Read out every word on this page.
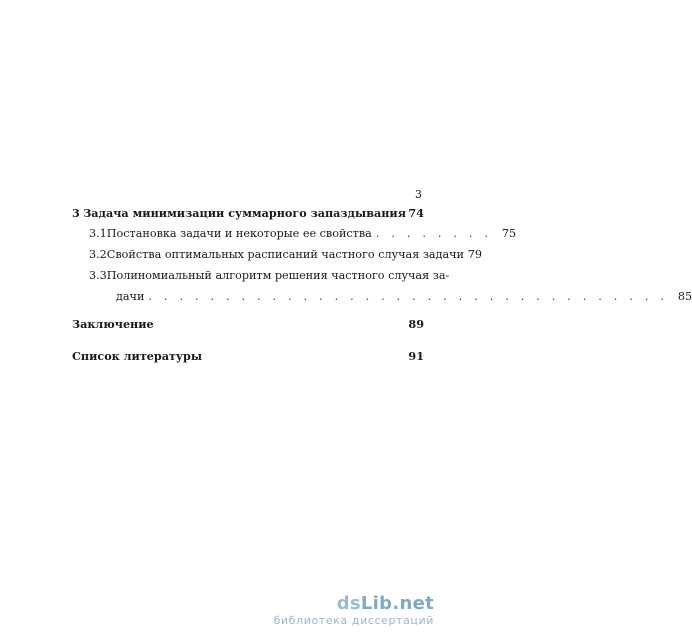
3
3 Задача минимизации суммарного запаздывания 74
3.1 Постановка задачи и некоторые ее свойства . . . . . . . . 75
3.2 Свойства оптимальных расписаний частного случая задачи 79
3.3 Полиномиальный алгоритм решения частного случая за-
дачи . . . . . . . . . . . . . . . . . . . . . . . . . . . . . . . . . . 85
Заключение	89
Список литературы	91
dsLib.net
библиотека диссертаций
